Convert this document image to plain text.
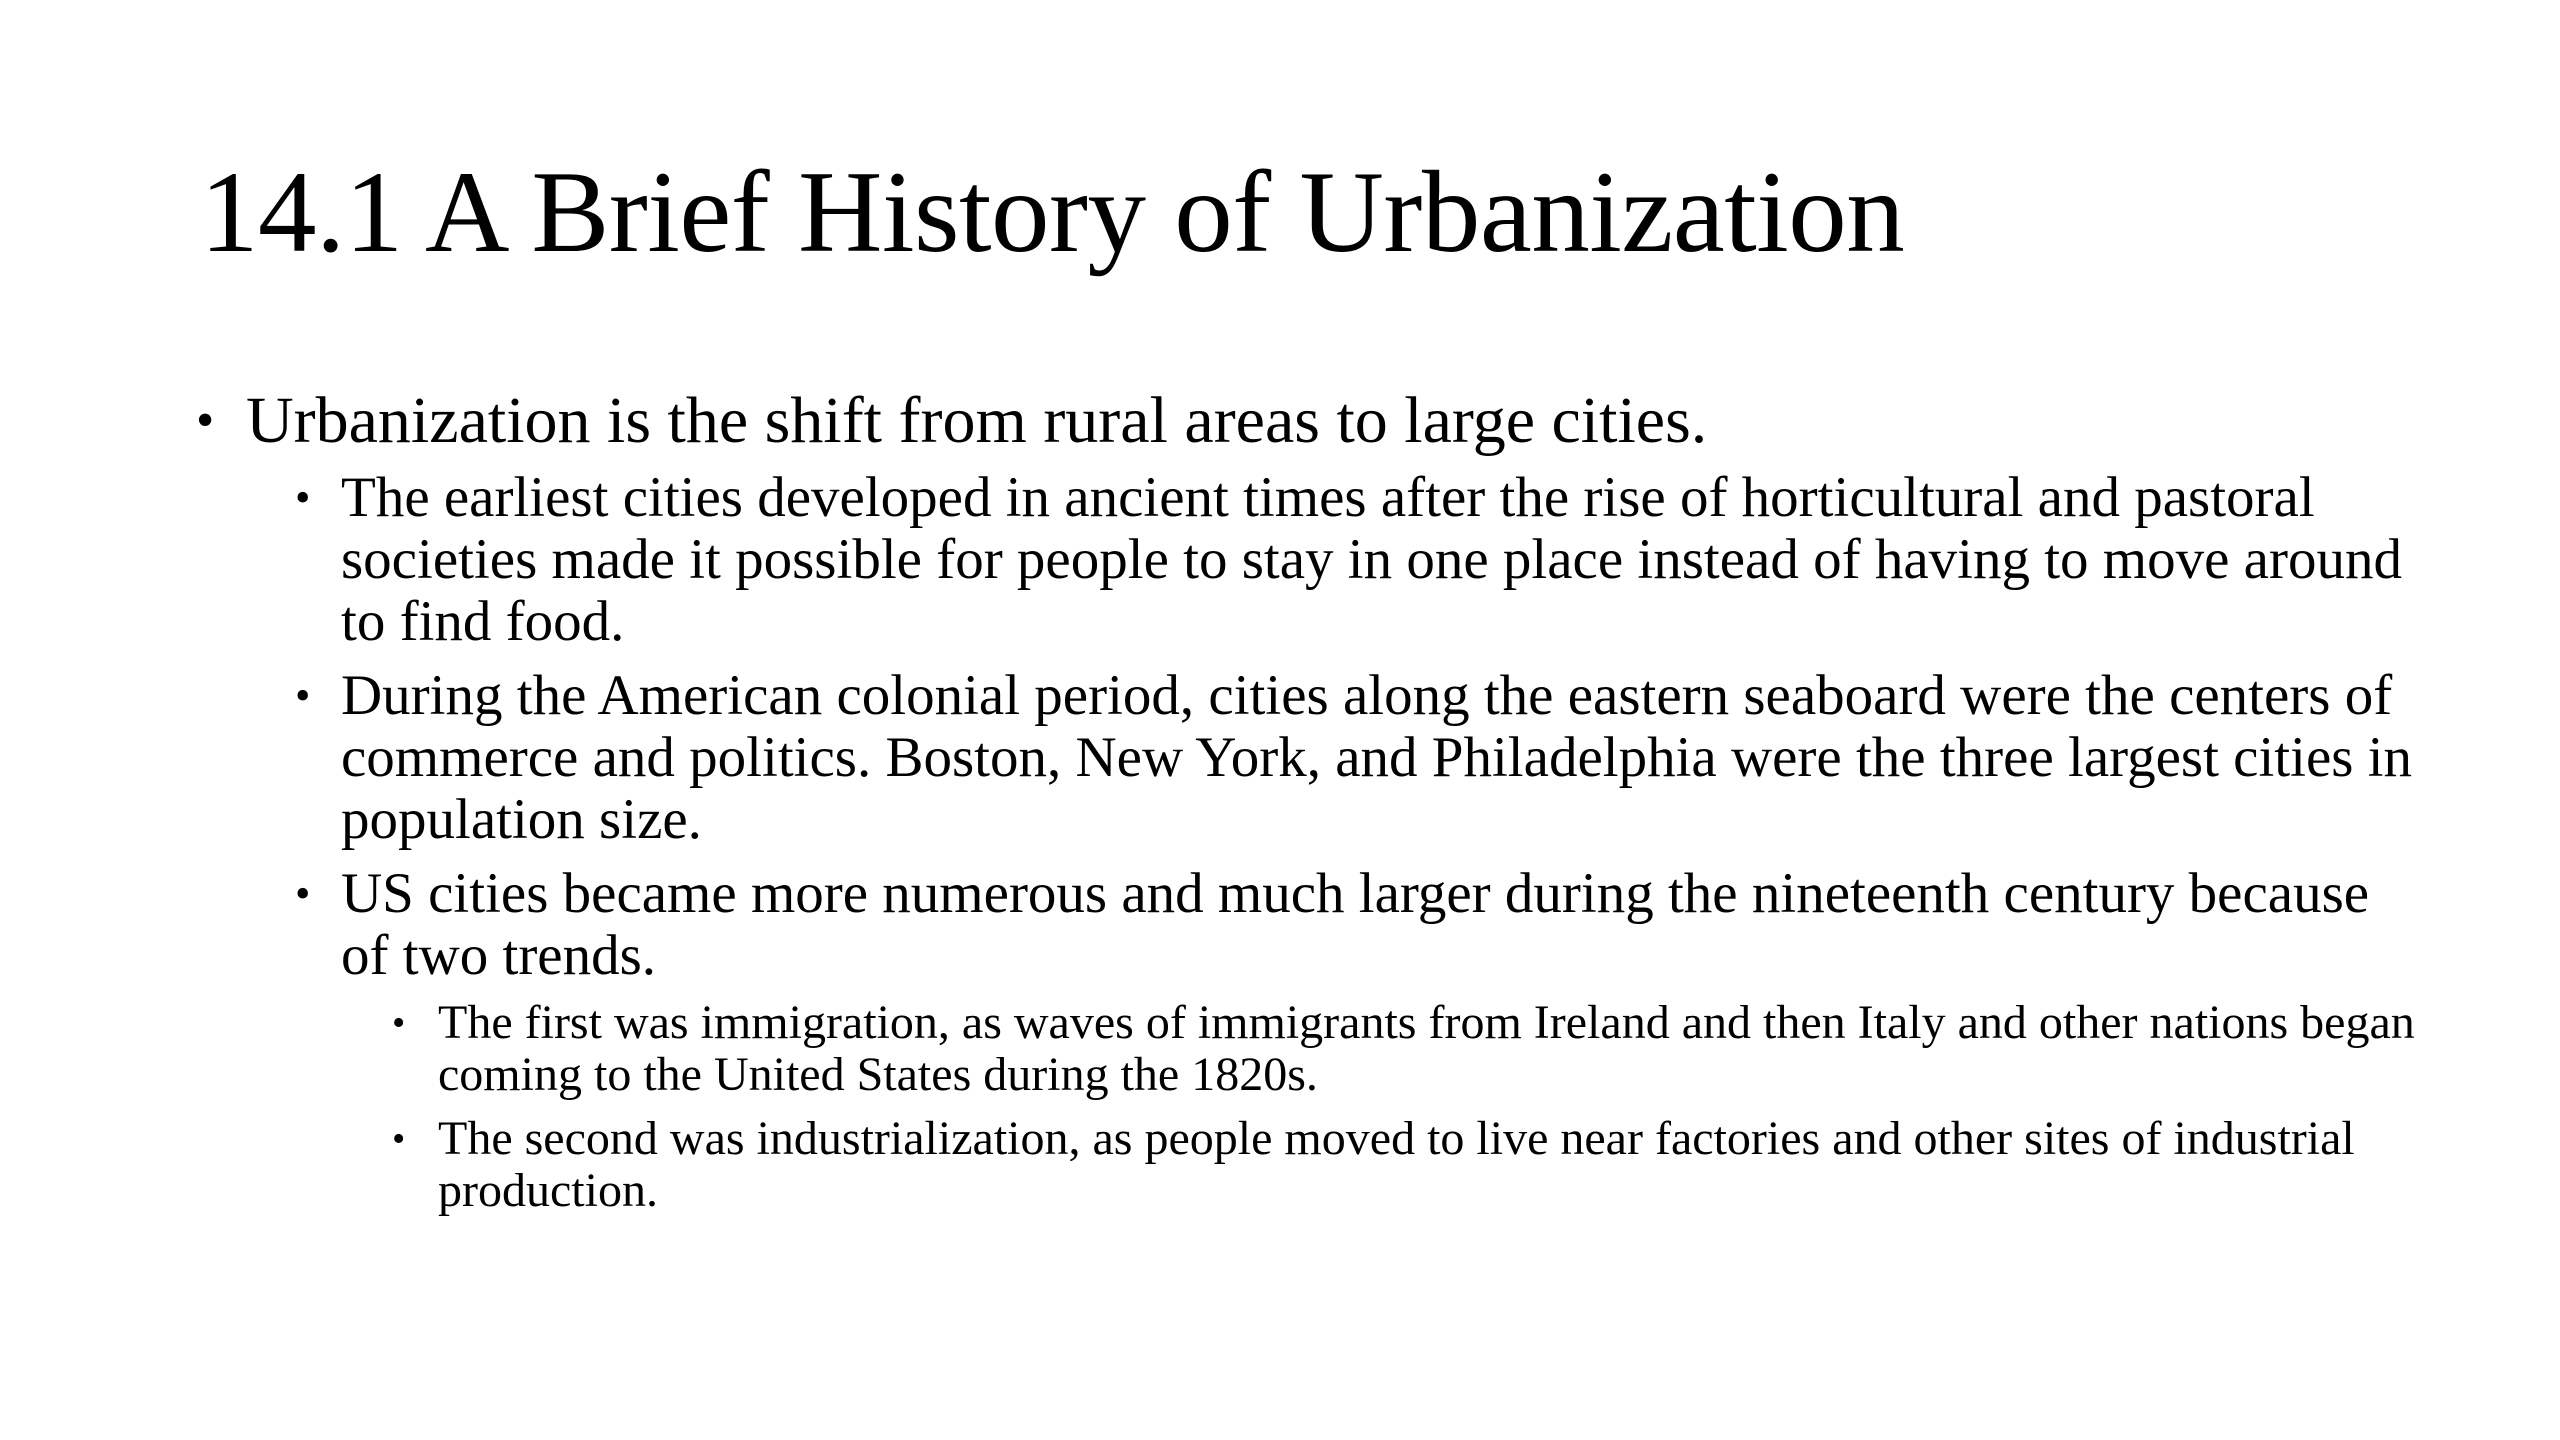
14.1 A Brief History of Urbanization
• Urbanization is the shift from rural areas to large cities.
• The earliest cities developed in ancient times after the rise of horticultural and pastoral societies made it possible for people to stay in one place instead of having to move around to find food.
• During the American colonial period, cities along the eastern seaboard were the centers of commerce and politics. Boston, New York, and Philadelphia were the three largest cities in population size.
• US cities became more numerous and much larger during the nineteenth century because of two trends.
• The first was immigration, as waves of immigrants from Ireland and then Italy and other nations began coming to the United States during the 1820s.
• The second was industrialization, as people moved to live near factories and other sites of industrial production.
